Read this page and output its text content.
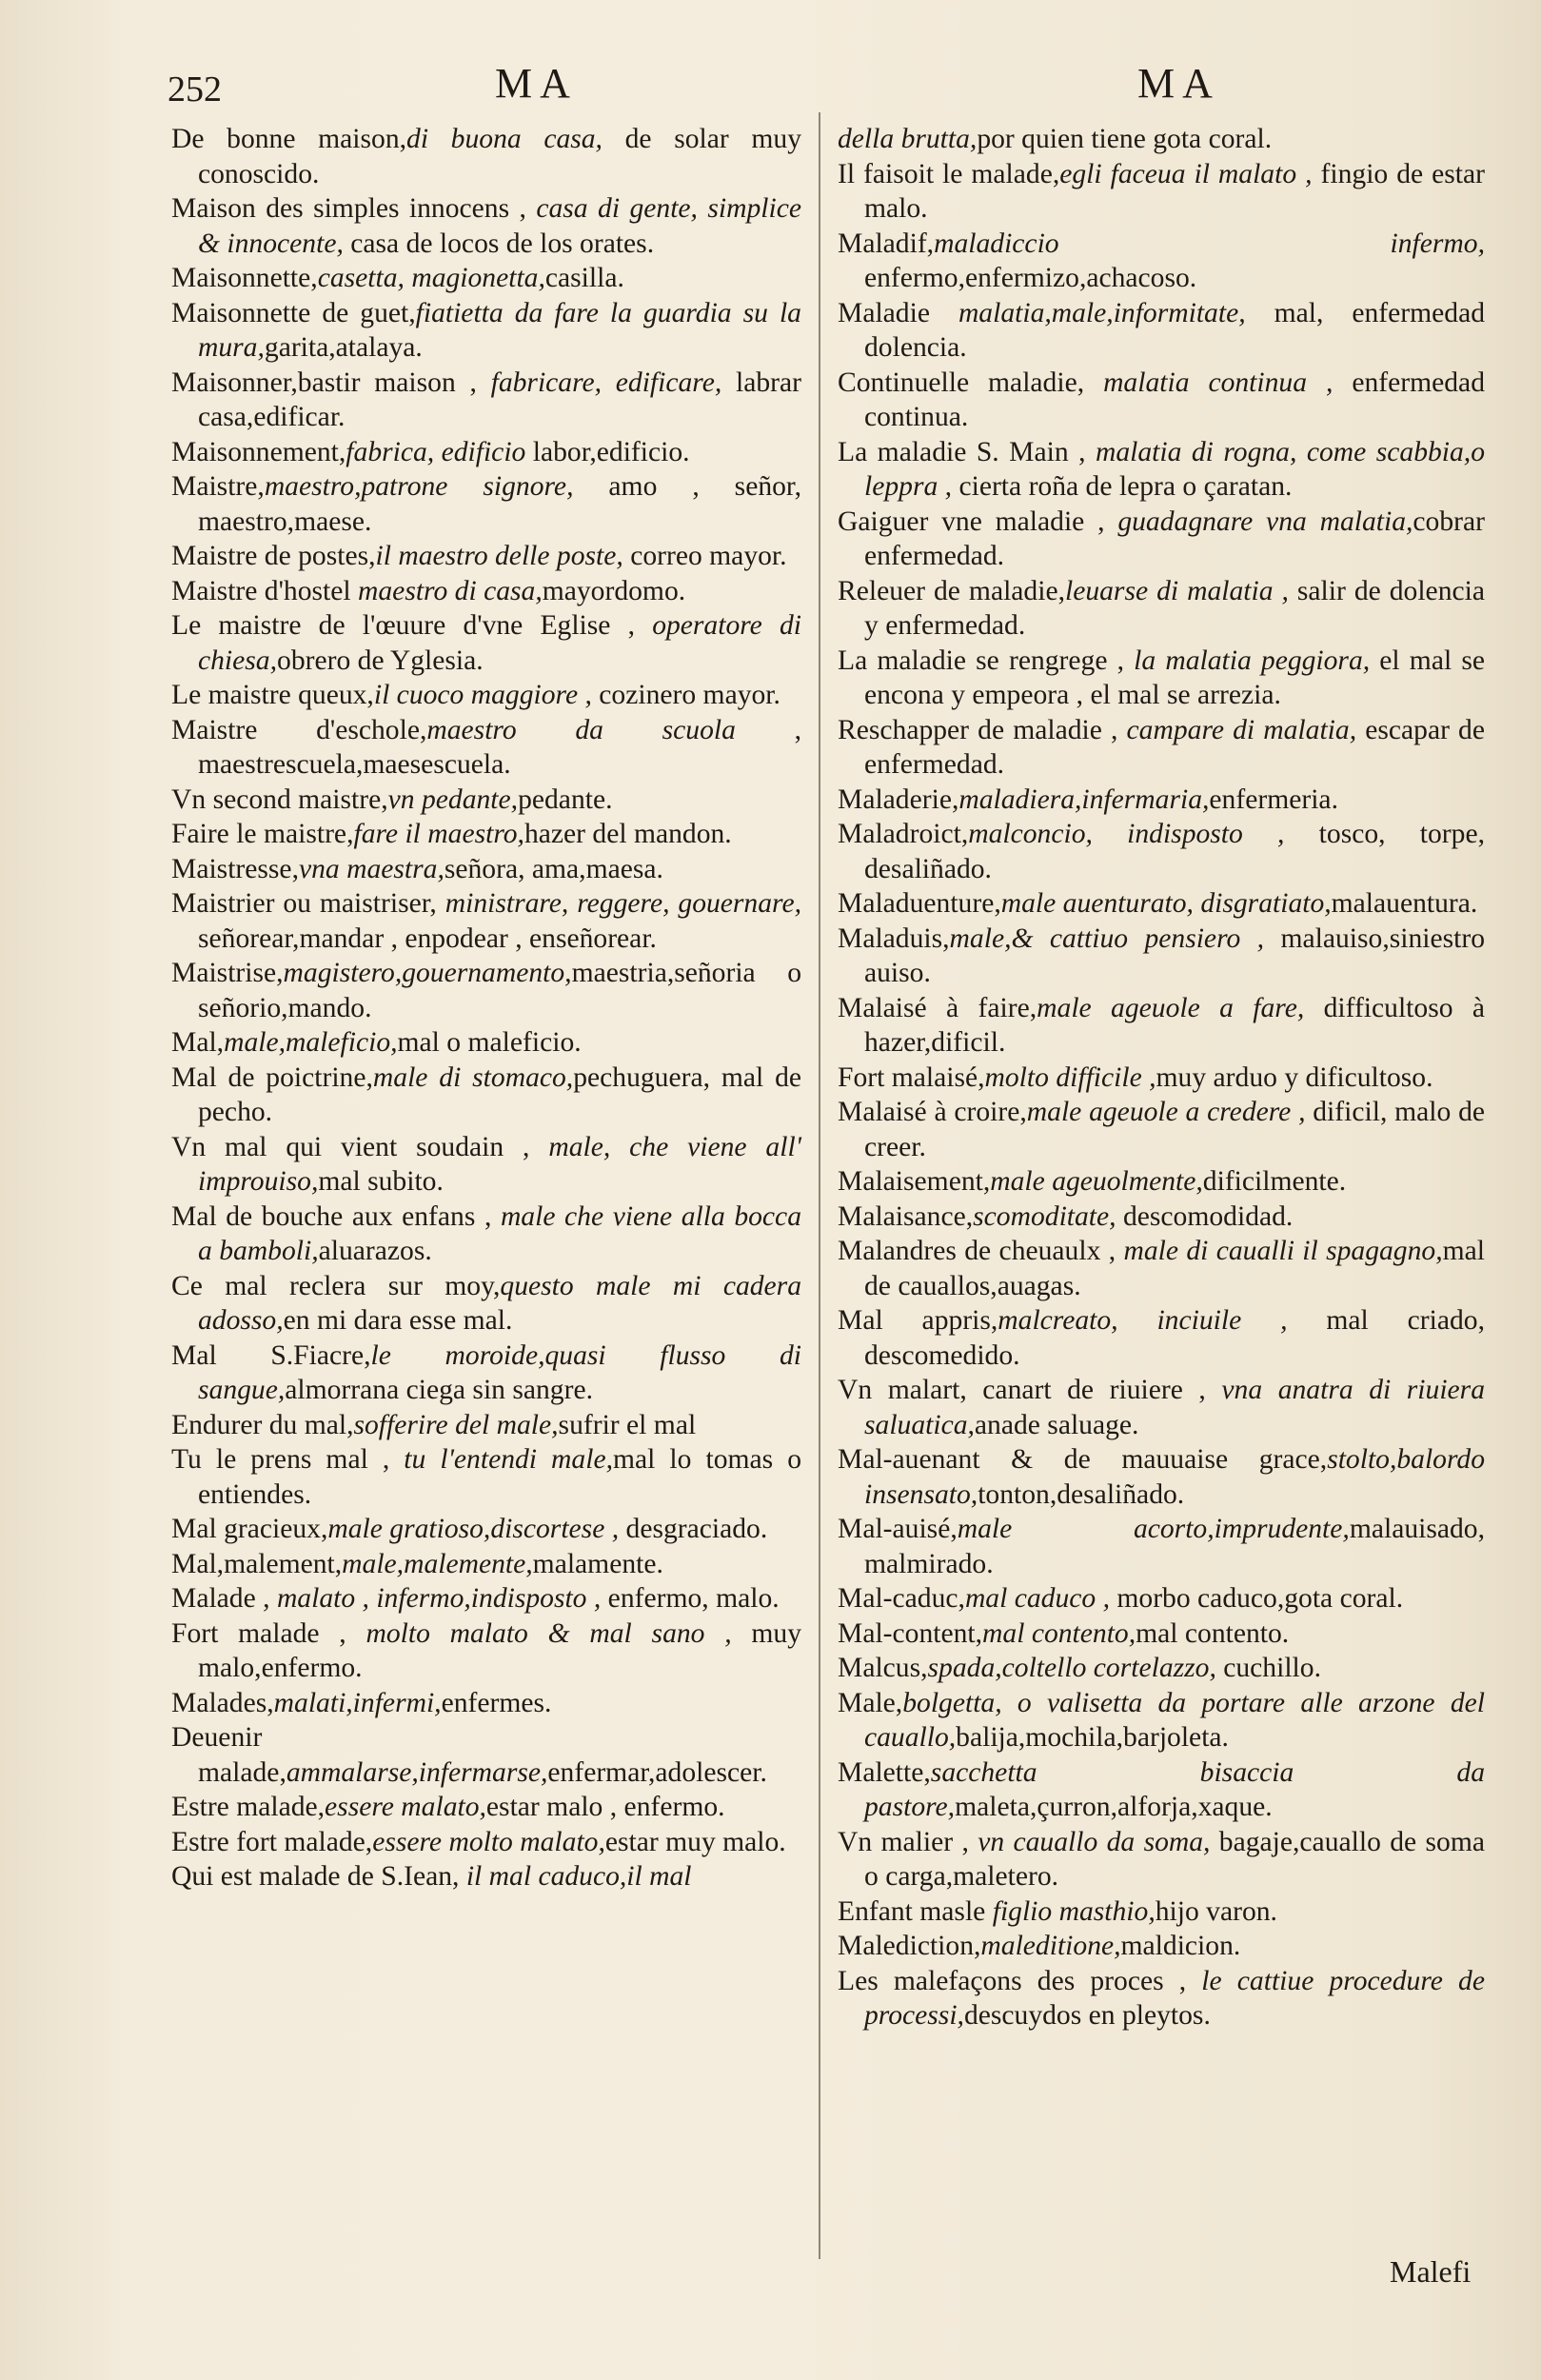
252	MA	MA
De bonne maison,di buona casa, de solar muy conoscido.
Maison des simples innocens , casa di gente, simplice & innocente, casa de locos de los orates.
Maisonnette,casetta, magionetta,casilla.
Maisonnette de guet,fiatietta da fare la guardia su la mura,garita,atalaya.
Maisonner,bastir maison , fabricare, edificare, labrar casa,edificar.
Maisonnement,fabrica, edificio labor,edificio.
Maistre,maestro,patrone signore, amo , señor, maestro,maese.
Maistre de postes,il maestro delle poste, correo mayor.
Maistre d'hostel maestro di casa,mayordomo.
Le maistre de l'œuure d'vne Eglise , operatore di chiesa,obrero de Yglesia.
Le maistre queux,il cuoco maggiore , cozinero mayor.
Maistre d'eschole,maestro da scuola , maestrescuela,maesescuela.
Vn second maistre,vn pedante,pedante.
Faire le maistre,fare il maestro,hazer del mandon.
Maistresse,vna maestra,señora, ama,maesa.
Maistrier ou maistriser, ministrare, reggere, gouernare, señorear,mandar , enpodear , enseñorear.
Maistrise,magistero,gouernamento,maestria,señoria o señorio,mando.
Mal,male,maleficio,mal o maleficio.
Mal de poictrine,male di stomaco,pechuguera, mal de pecho.
Vn mal qui vient soudain , male, che viene all' improuiso,mal subito.
Mal de bouche aux enfans , male che viene alla bocca a bamboli,aluarazos.
Ce mal reclera sur moy,questo male mi cadera adosso,en mi dara esse mal.
Mal S.Fiacre,le moroide,quasi flusso di sangue,almorrana ciega sin sangre.
Endurer du mal,sofferire del male,sufrir el mal
Tu le prens mal , tu l'entendi male,mal lo tomas o entiendes.
Mal gracieux,male gratioso,discortese , desgraciado.
Mal,malement,male,malemente,malamente.
Malade , malato , infermo,indisposto , enfermo, malo.
Fort malade , molto malato & mal sano , muy malo,enfermo.
Malades,malati,infermi,enfermes.
Deuenir malade,ammalarse,infermarse,enfermar,adolescer.
Estre malade,essere malato,estar malo , enfermo.
Estre fort malade,essere molto malato,estar muy malo.
Qui est malade de S.Iean, il mal caduco,il mal
della brutta,por quien tiene gota coral.
Il faisoit le malade,egli faceua il malato , fingio de estar malo.
Maladif,maladiccio infermo, enfermo,enfermizo,achacoso.
Maladie malatia,male,informitate, mal, enfermedad dolencia.
Continuelle maladie, malatia continua , enfermedad continua.
La maladie S. Main , malatia di rogna, come scabbia,o leppra , cierta roña de lepra o çaratan.
Gaiguer vne maladie , guadagnare vna malatia,cobrar enfermedad.
Releuer de maladie,leuarse di malatia , salir de dolencia y enfermedad.
La maladie se rengrege , la malatia peggiora, el mal se encona y empeora , el mal se arrezia.
Reschapper de maladie , campare di malatia, escapar de enfermedad.
Maladerie,maladiera,infermaria,enfermeria.
Maladroict,malconcio, indisposto , tosco, torpe, desaliñado.
Maladuenture,male auenturato, disgratiato,malauentura.
Maladuis,male,& cattiuo pensiero , malauiso,siniestro auiso.
Malaisé à faire,male ageuole a fare, difficultoso à hazer,dificil.
Fort malaisé,molto difficile ,muy arduo y dificultoso.
Malaisé à croire,male ageuole a credere , dificil, malo de creer.
Malaisement,male ageuolmente,dificilmente.
Malaisance,scomoditate, descomodidad.
Malandres de cheuaulx , male di caualli il spagagno,mal de cauallos,auagas.
Mal appris,malcreato, inciuile , mal criado, descomedido.
Vn malart, canart de riuiere , vna anatra di riuiera saluatica,anade saluage.
Mal-auenant & de mauuaise grace,stolto,balordo insensato,tonton,desaliñado.
Mal-auisé,male acorto,imprudente,malauisado, malmirado.
Mal-caduc,mal caduco , morbo caduco,gota coral.
Mal-content,mal contento,mal contento.
Malcus,spada,coltello cortelazzo, cuchillo.
Male,bolgetta, o valisetta da portare alle arzone del cauallo,balija,mochila,barjoleta.
Malette,sacchetta bisaccia da pastore,maleta,çurron,alforja,xaque.
Vn malier , vn cauallo da soma, bagaje,cauallo de soma o carga,maletero.
Enfant masle figlio masthio,hijo varon.
Malediction,maleditione,maldicion.
Les malefaçons des proces , le cattiue procedure de processi,descuydos en pleytos.
Malefi
